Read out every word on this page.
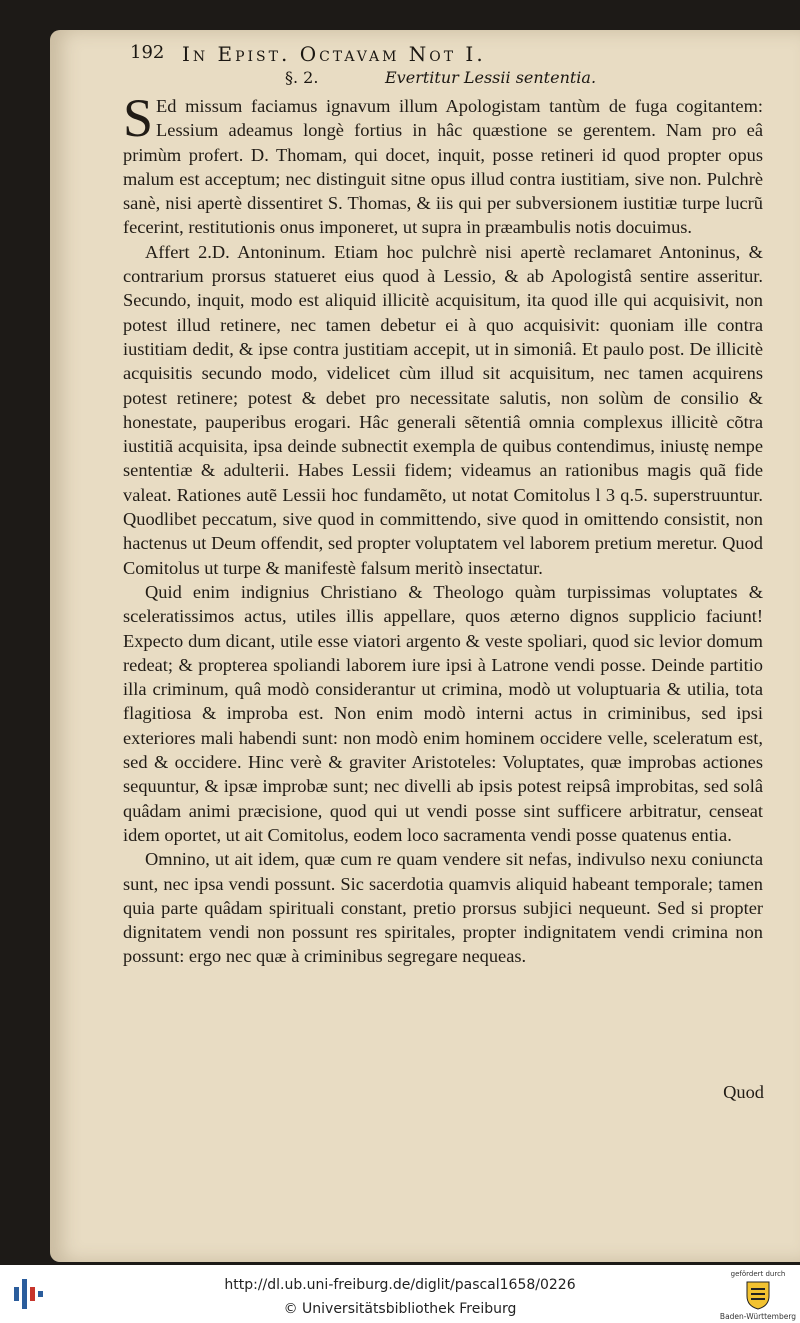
192 In Epist. Octavam Not I.
§. 2.	Evertitur Lessii sententia.

SEd missum faciamus ignavum illum Apologistam tantùm de fuga cogitantem: Lessium adeamus longè fortius in hâc quæstione se gerentem. Nam pro eâ primùm profert. D. Thomam, qui docet, inquit, posse retineri id quod propter opus malum est acceptum; nec distinguit sitne opus illud contra iustitiam, sive non. Pulchrè sanè, nisi apertè dissentiret S. Thomas, & iis qui per subversionem iustitiæ turpe lucrũ fecerint, restitutionis onus imponeret, ut supra in præambulis notis docuimus.

Affert 2.D. Antoninum. Etiam hoc pulchrè nisi apertè reclamaret Antoninus, & contrarium prorsus statueret eius quod à Lessio, & ab Apologistâ sentire asseritur. Secundo, inquit, modo est aliquid illicitè acquisitum, ita quod ille qui acquisivit, non potest illud retinere, nec tamen debetur ei à quo acquisivit: quoniam ille contra iustitiam dedit, & ipse contra justitiam accepit, ut in simoniâ. Et paulo post. De illicitè acquisitis secundo modo, videlicet cùm illud sit acquisitum, nec tamen acquirens potest retinere; potest & debet pro necessitate salutis, non solùm de consilio & honestate, pauperibus erogari. Hâc generali sẽtentiâ omnia complexus illicitè cõtra iustitiã acquisita, ipsa deinde subnectit exempla de quibus contendimus, iniustę nempe sententiæ & adulterii. Habes Lessii fidem; videamus an rationibus magis quã fide valeat. Rationes autẽ Lessii hoc fundamẽto, ut notat Comitolus l 3 q.5. superstruuntur. Quodlibet peccatum, sive quod in committendo, sive quod in omittendo consistit, non hactenus ut Deum offendit, sed propter voluptatem vel laborem pretium meretur. Quod Comitolus ut turpe & manifestè falsum meritò insectatur.

Quid enim indignius Christiano & Theologo quàm turpissimas voluptates & sceleratissimos actus, utiles illis appellare, quos æterno dignos supplicio faciunt! Expecto dum dicant, utile esse viatori argento & veste spoliari, quod sic levior domum redeat; & propterea spoliandi laborem iure ipsi à Latrone vendi posse. Deinde partitio illa criminum, quâ modò considerantur ut crimina, modò ut voluptuaria & utilia, tota flagitiosa & improba est. Non enim modò interni actus in criminibus, sed ipsi exteriores mali habendi sunt: non modò enim hominem occidere velle, sceleratum est, sed & occidere. Hinc verè & graviter Aristoteles: Voluptates, quæ improbas actiones sequuntur, & ipsæ improbæ sunt; nec divelli ab ipsis potest reipsâ improbitas, sed solâ quâdam animi præcisione, quod qui ut vendi posse sint sufficere arbitratur, censeat idem oportet, ut ait Comitolus, eodem loco sacramenta vendi posse quatenus entia.

Omnino, ut ait idem, quæ cum re quam vendere sit nefas, indivulso nexu coniuncta sunt, nec ipsa vendi possunt. Sic sacerdotia quamvis aliquid habeant temporale; tamen quia parte quâdam spirituali constant, pretio prorsus subjici nequeunt. Sed si propter dignitatem vendi non possunt res spiritales, propter indignitatem vendi crimina non possunt: ergo nec quæ à criminibus segregare nequeas.

Quod
http://dl.ub.uni-freiburg.de/diglit/pascal1658/0226
© Universitätsbibliothek Freiburg
gefördert durch
Baden-Württemberg
